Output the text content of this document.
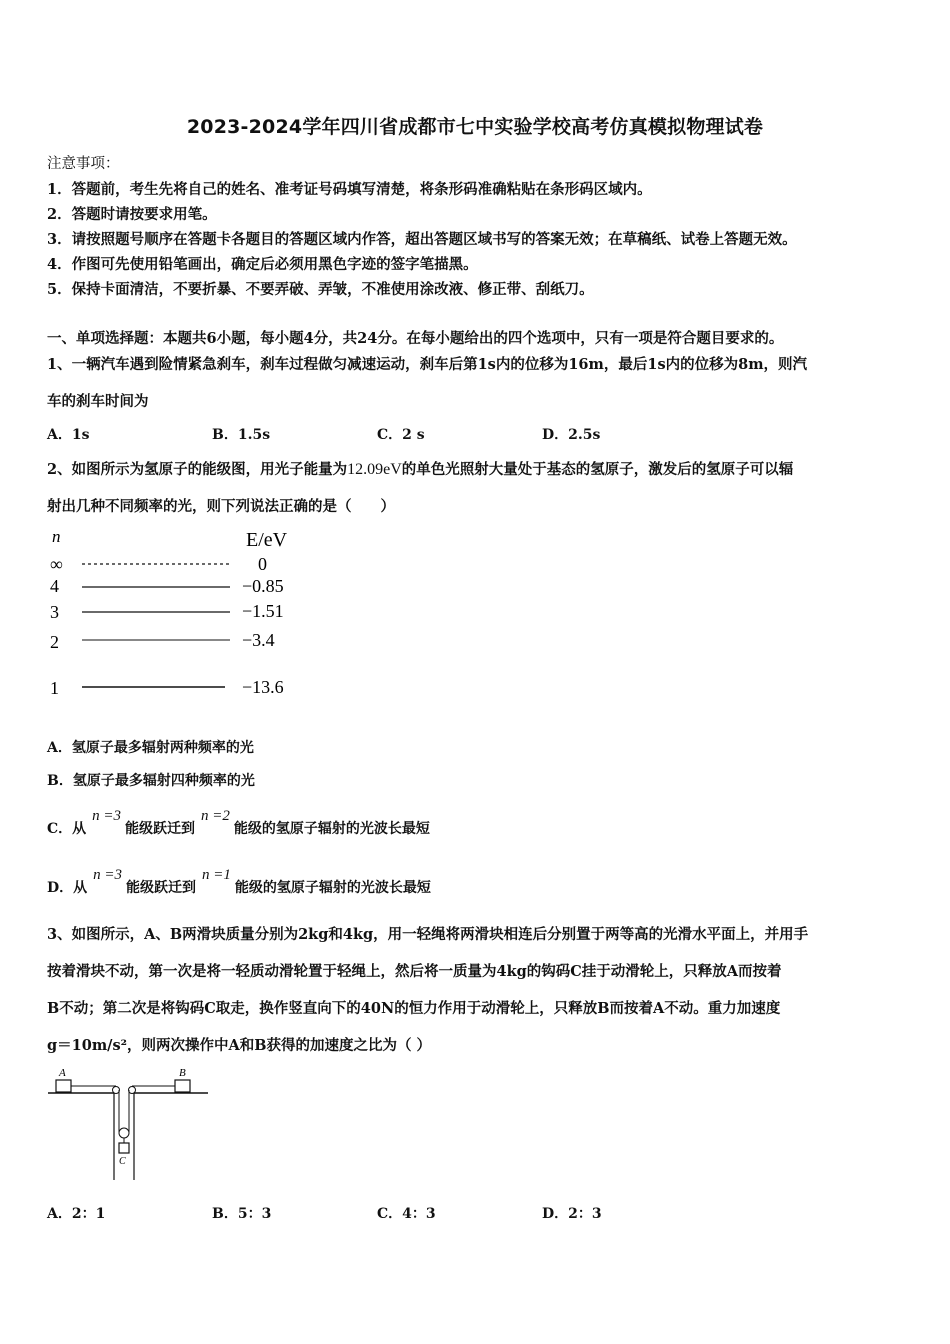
2023-2024学年四川省成都市七中实验学校高考仿真模拟物理试卷
注意事项：
1．答题前，考生先将自己的姓名、准考证号码填写清楚，将条形码准确粘贴在条形码区域内。
2．答题时请按要求用笔。
3．请按照题号顺序在答题卡各题目的答题区域内作答，超出答题区域书写的答案无效；在草稿纸、试卷上答题无效。
4．作图可先使用铅笔画出，确定后必须用黑色字迹的签字笔描黑。
5．保持卡面清洁，不要折暴、不要弄破、弄皱，不准使用涂改液、修正带、刮纸刀。
一、单项选择题：本题共6小题，每小题4分，共24分。在每小题给出的四个选项中，只有一项是符合题目要求的。
1、一辆汽车遇到险情紧急刹车，刹车过程做匀减速运动，刹车后第1s内的位移为16m，最后1s内的位移为8m，则汽
车的刹车时间为
A．1s	B．1.5s	C．2 s	D．2.5s
2、如图所示为氢原子的能级图，用光子能量为12.09eV的单色光照射大量处于基态的氢原子，激发后的氢原子可以辐
射出几种不同频率的光，则下列说法正确的是（　　）
n	E/eV
∞	0
4	−0.85
3	−1.51
2	−3.4
1	−13.6
A．氢原子最多辐射两种频率的光
B．氢原子最多辐射四种频率的光
C．从n =3能级跃迁到n =2能级的氢原子辐射的光波长最短
D．从n =3能级跃迁到n =1能级的氢原子辐射的光波长最短
3、如图所示，A、B两滑块质量分别为2kg和4kg，用一轻绳将两滑块相连后分别置于两等高的光滑水平面上，并用手
按着滑块不动，第一次是将一轻质动滑轮置于轻绳上，然后将一质量为4kg的钩码C挂于动滑轮上，只释放A而按着
B不动；第二次是将钩码C取走，换作竖直向下的40N的恒力作用于动滑轮上，只释放B而按着A不动。重力加速度
g＝10m/s²，则两次操作中A和B获得的加速度之比为（ ）
A	B
C
A．2：1	B．5：3	C．4：3	D．2：3
